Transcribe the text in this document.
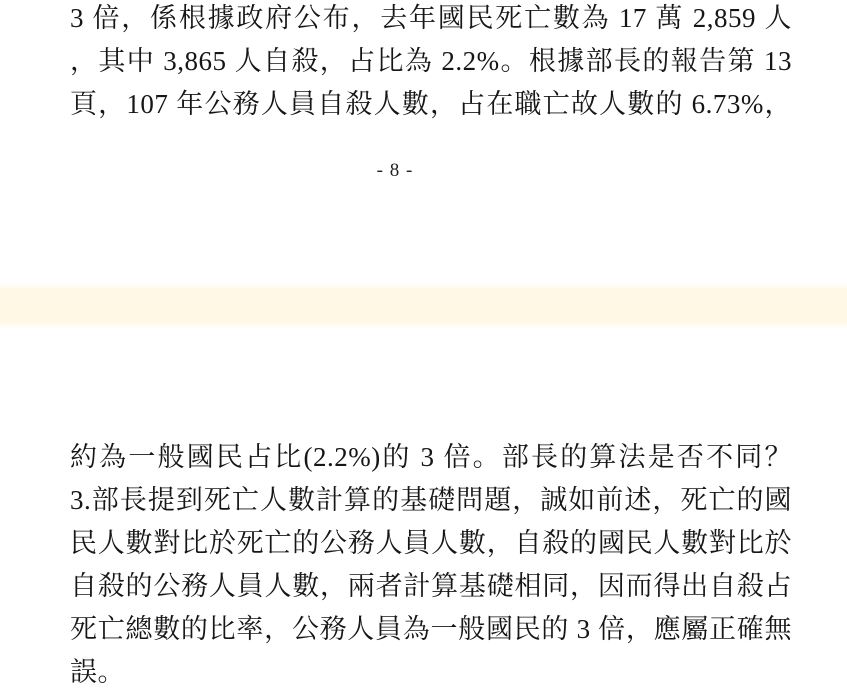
3 倍，係根據政府公布，去年國民死亡數為 17 萬 2,859 人
，其中 3,865 人自殺，占比為 2.2%。根據部長的報告第 13
頁，107 年公務人員自殺人數，占在職亡故人數的 6.73%，
- 8 -
約為一般國民占比(2.2%)的 3 倍。部長的算法是否不同？
3.部長提到死亡人數計算的基礎問題，誠如前述，死亡的國
民人數對比於死亡的公務人員人數，自殺的國民人數對比於
自殺的公務人員人數，兩者計算基礎相同，因而得出自殺占
死亡總數的比率，公務人員為一般國民的 3 倍，應屬正確無
誤。
